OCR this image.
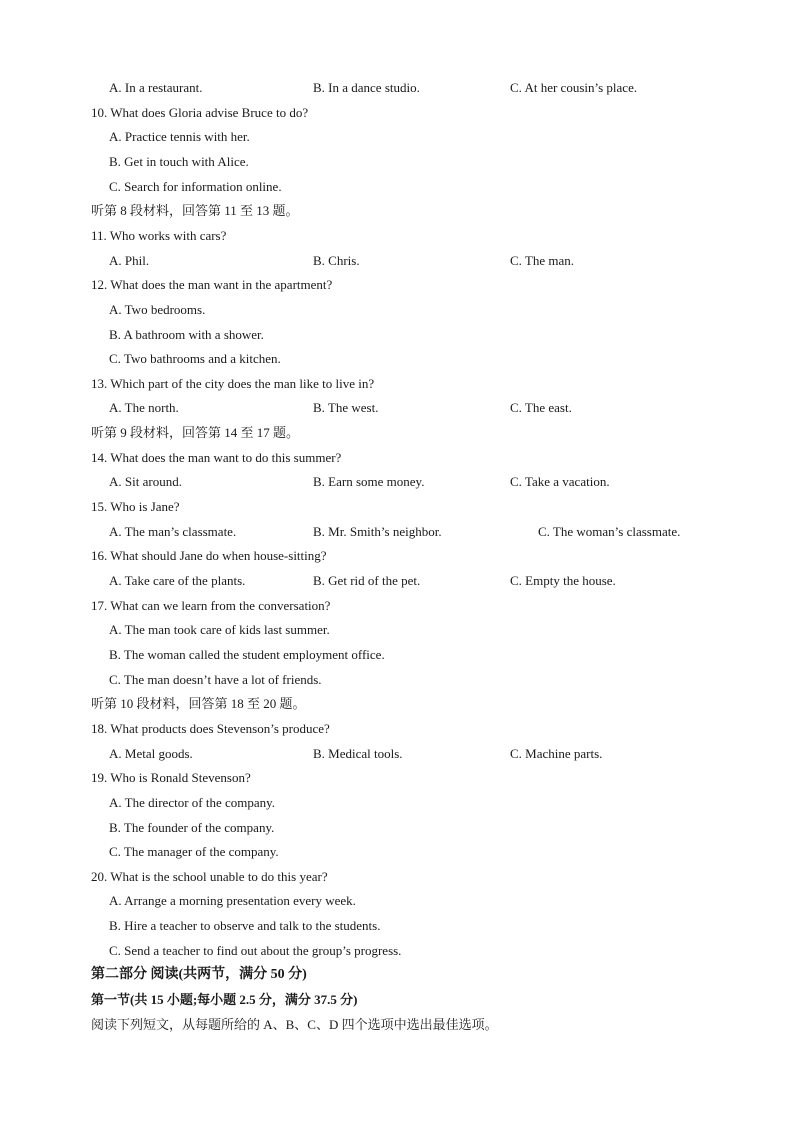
A. In a restaurant.	B. In a dance studio.	C. At her cousin’s place.
10. What does Gloria advise Bruce to do?
A. Practice tennis with her.
B. Get in touch with Alice.
C. Search for information online.
听第 8 段材料，回答第 11 至 13 题。
11. Who works with cars?
A. Phil.	B. Chris.	C. The man.
12. What does the man want in the apartment?
A. Two bedrooms.
B. A bathroom with a shower.
C. Two bathrooms and a kitchen.
13. Which part of the city does the man like to live in?
A. The north.	B. The west.	C. The east.
听第 9 段材料，回答第 14 至 17 题。
14. What does the man want to do this summer?
A. Sit around.	B. Earn some money.	C. Take a vacation.
15. Who is Jane?
A. The man’s classmate.	B. Mr. Smith’s neighbor.	C. The woman’s classmate.
16. What should Jane do when house-sitting?
A. Take care of the plants.	B. Get rid of the pet.	C. Empty the house.
17. What can we learn from the conversation?
A. The man took care of kids last summer.
B. The woman called the student employment office.
C. The man doesn’t have a lot of friends.
听第 10 段材料，回答第 18 至 20 题。
18. What products does Stevenson’s produce?
A. Metal goods.	B. Medical tools.	C. Machine parts.
19. Who is Ronald Stevenson?
A. The director of the company.
B. The founder of the company.
C. The manager of the company.
20. What is the school unable to do this year?
A. Arrange a morning presentation every week.
B. Hire a teacher to observe and talk to the students.
C. Send a teacher to find out about the group’s progress.
第二部分 阅读(共两节，满分 50 分)
第一节(共 15 小题;每小题 2.5 分，满分 37.5 分)
阅读下列短文，从每题所给的 A、B、C、D 四个选项中选出最佳选项。
